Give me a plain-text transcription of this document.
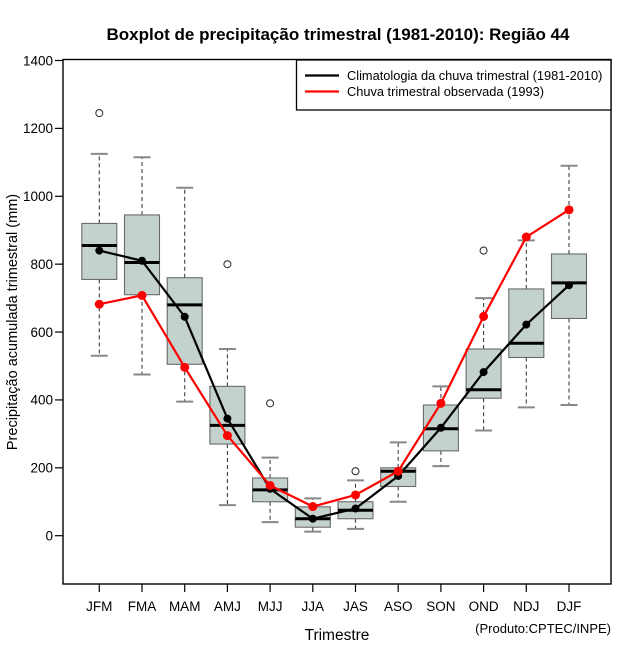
Boxplot de precipitação trimestral (1981-2010): Região 44
0
200
400
600
800
1000
1200
1400
JFM FMA MAM AMJ MJJ JJA JAS ASO SON OND NDJ DJF
Climatologia da chuva trimestral (1981-2010)
Chuva trimestral observada (1993)
Precipitação acumulada trimestral (mm)
Trimestre	(Produto:CPTEC/INPE)
